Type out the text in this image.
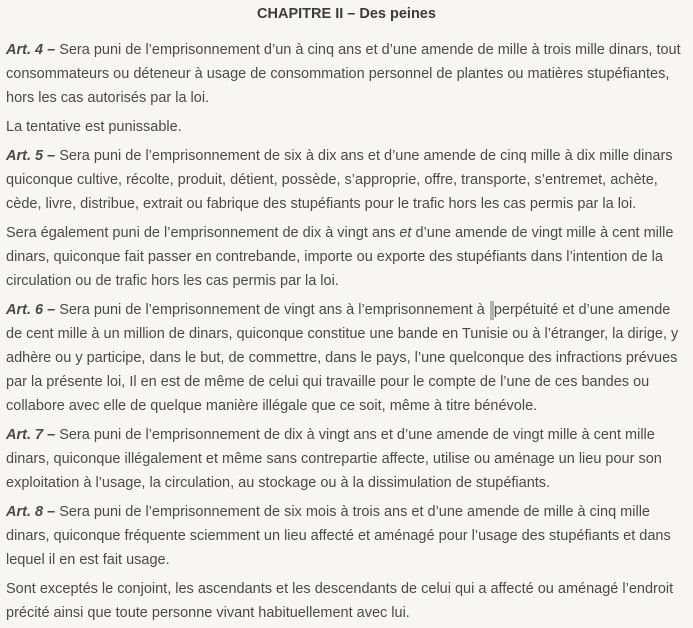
CHAPITRE II – Des peines

Art. 4 – Sera puni de l’emprisonnement d’un à cinq ans et d’une amende de mille à trois mille dinars, tout consommateurs ou déteneur à usage de consommation personnel de plantes ou matières stupéfiantes, hors les cas autorisés par la loi.

La tentative est punissable.

Art. 5 – Sera puni de l’emprisonnement de six à dix ans et d’une amende de cinq mille à dix mille dinars quiconque cultive, récolte, produit, détient, possède, s’approprie, offre, transporte, s’entremet, achète, cède, livre, distribue, extrait ou fabrique des stupéfiants pour le trafic hors les cas permis par la loi.

Sera également puni de l’emprisonnement de dix à vingt ans et d’une amende de vingt mille à cent mille dinars, quiconque fait passer en contrebande, importe ou exporte des stupéfiants dans l’intention de la circulation ou de trafic hors les cas permis par la loi.

Art. 6 – Sera puni de l’emprisonnement de vingt ans à l’emprisonnement à perpétuité et d’une amende de cent mille à un million de dinars, quiconque constitue une bande en Tunisie ou à l’étranger, la dirige, y adhère ou y participe, dans le but, de commettre, dans le pays, l’une quelconque des infractions prévues par la présente loi, Il en est de même de celui qui travaille pour le compte de l’une de ces bandes ou collabore avec elle de quelque manière illégale que ce soit, même à titre bénévole.

Art. 7 – Sera puni de l’emprisonnement de dix à vingt ans et d’une amende de vingt mille à cent mille dinars, quiconque illégalement et même sans contrepartie affecte, utilise ou aménage un lieu pour son exploitation à l’usage, la circulation, au stockage ou à la dissimulation de stupéfiants.

Art. 8 – Sera puni de l’emprisonnement de six mois à trois ans et d’une amende de mille à cinq mille dinars, quiconque fréquente sciemment un lieu affecté et aménagé pour l’usage des stupéfiants et dans lequel il en est fait usage.

Sont exceptés le conjoint, les ascendants et les descendants de celui qui a affecté ou aménagé l’endroit précité ainsi que toute personne vivant habituellement avec lui.
